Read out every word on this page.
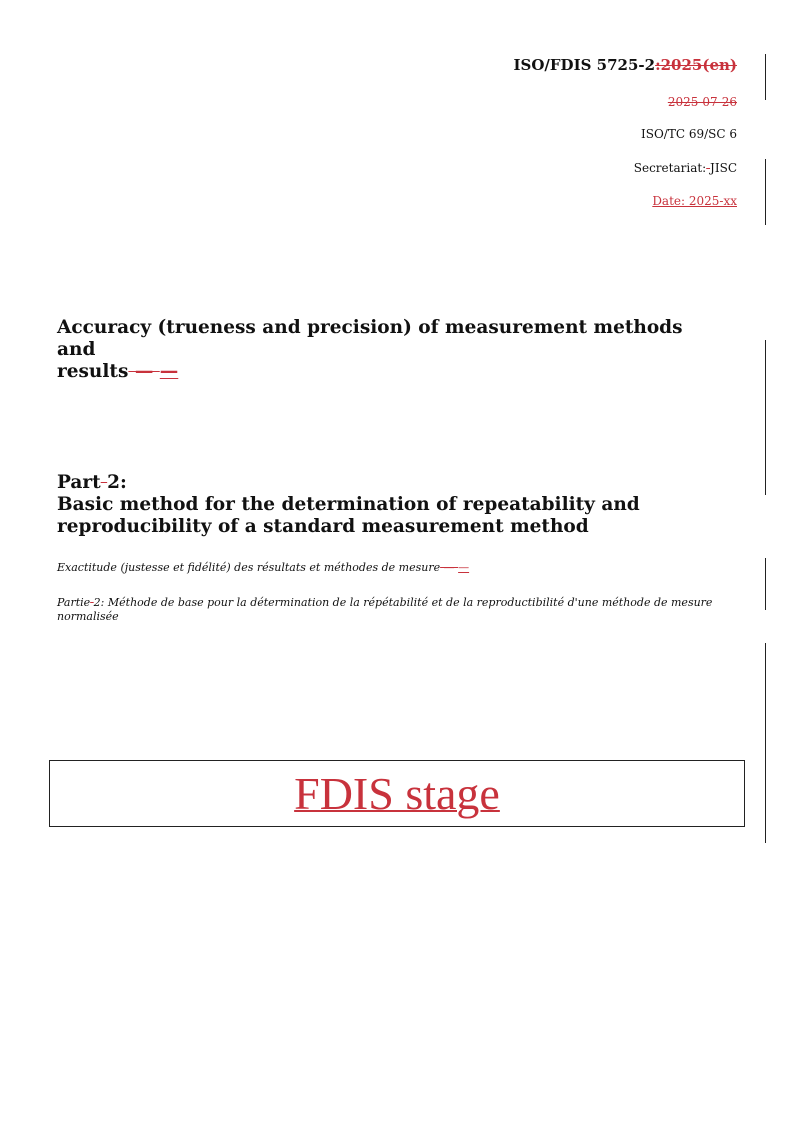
ISO/FDIS 5725-2:2025(en)
2025-07-26
ISO/TC 69/SC 6
Secretariat: JISC
Date: 2025-xx
Accuracy (trueness and precision) of measurement methods and
results — —
Part 2:
Basic method for the determination of repeatability and
reproducibility of a standard measurement method
Exactitude (justesse et fidélité) des résultats et méthodes de mesure — —
Partie 2: Méthode de base pour la détermination de la répétabilité et de la reproductibilité d'une méthode de mesure normalisée
FDIS stage
